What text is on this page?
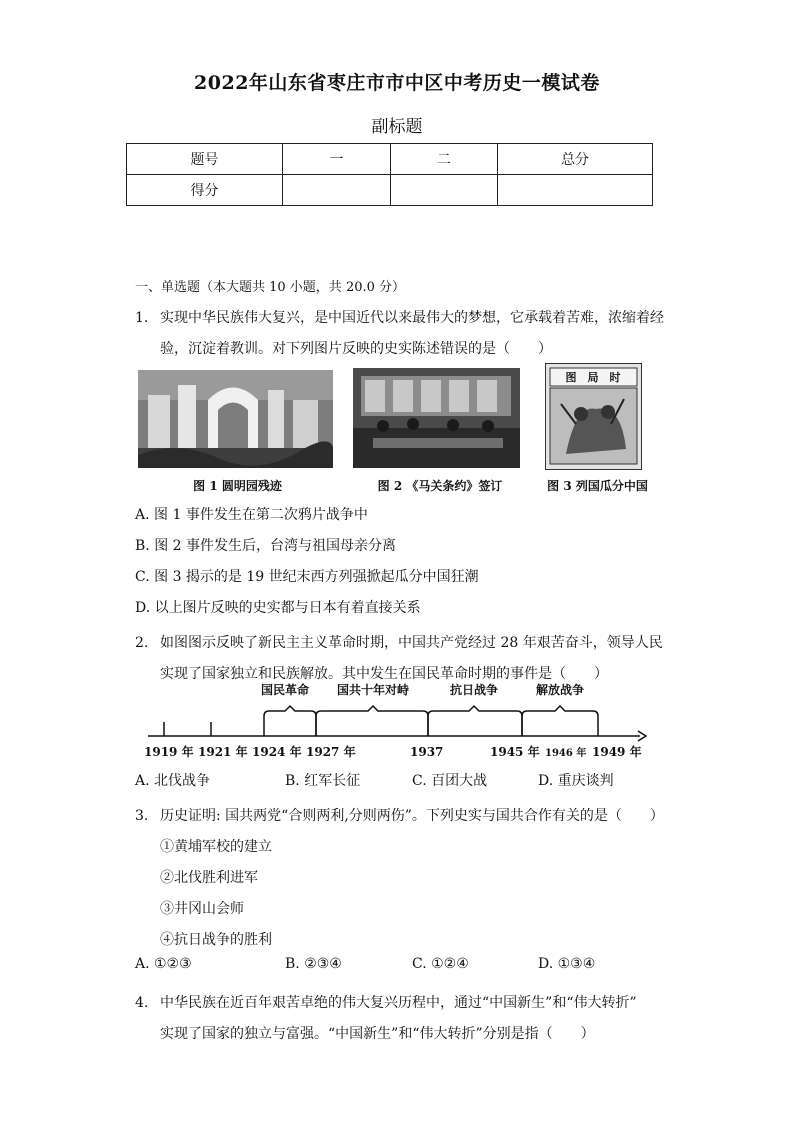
2022年山东省枣庄市市中区中考历史一模试卷
副标题
题号	一	二	总分
得分			
一、单选题（本大题共 10 小题，共 20.0 分）
1. 实现中华民族伟大复兴，是中国近代以来最伟大的梦想，它承载着苦难，浓缩着经
验，沉淀着教训。对下列图片反映的史实陈述错误的是（　　）
图　局　时
图 1 圆明园残迹	图 2 《马关条约》签订	图 3 列国瓜分中国
A. 图 1 事件发生在第二次鸦片战争中
B. 图 2 事件发生后，台湾与祖国母亲分离
C. 图 3 揭示的是 19 世纪末西方列强掀起瓜分中国狂潮
D. 以上图片反映的史实都与日本有着直接关系
2. 如图图示反映了新民主主义革命时期，中国共产党经过 28 年艰苦奋斗，领导人民
实现了国家独立和民族解放。其中发生在国民革命时期的事件是（　　）
国民革命 国共十年对峙	抗日战争	解放战争
1919 年 1921 年 1924 年 1927 年	1937	1945 年 1946 年 1949 年
A. 北伐战争	B. 红军长征	C. 百团大战	D. 重庆谈判
3. 历史证明: 国共两党“合则两利,分则两伤”。下列史实与国共合作有关的是（　　）
①黄埔军校的建立
②北伐胜利进军
③井冈山会师
④抗日战争的胜利
A. ①②③	B. ②③④	C. ①②④	D. ①③④
4. 中华民族在近百年艰苦卓绝的伟大复兴历程中，通过“中国新生”和“伟大转折”
实现了国家的独立与富强。“中国新生”和“伟大转折”分别是指（　　）
